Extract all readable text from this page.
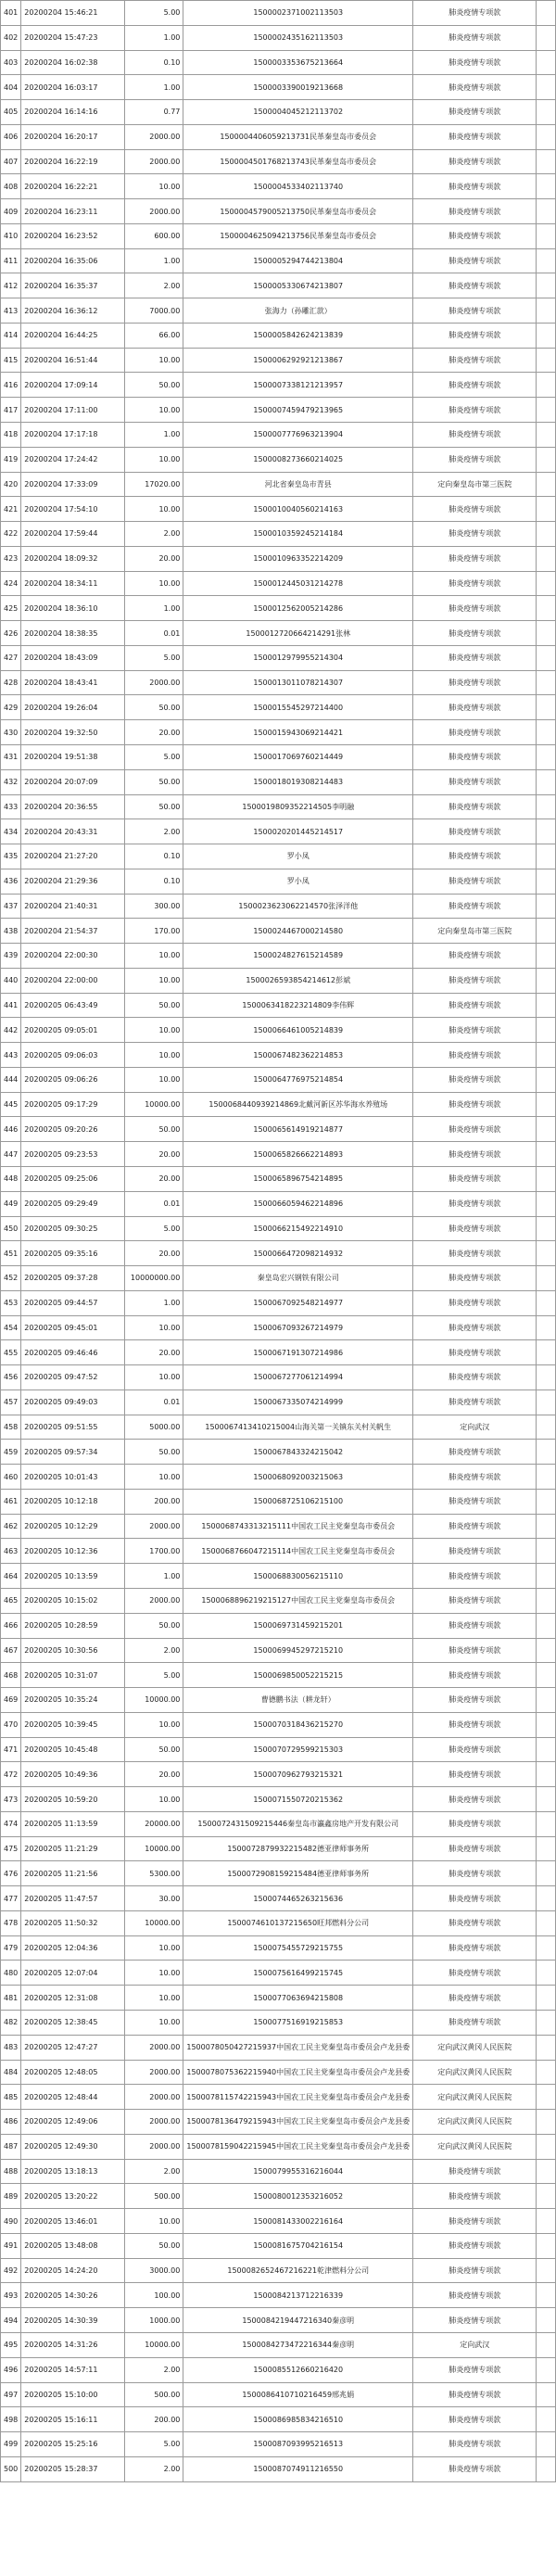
401	20200204 15:46:21	5.00	1500002371002113503	肺炎疫情专项款	
402	20200204 15:47:23	1.00	1500002435162113503	肺炎疫情专项款	
403	20200204 16:02:38	0.10	1500003353675213664	肺炎疫情专项款	
404	20200204 16:03:17	1.00	1500003390019213668	肺炎疫情专项款	
405	20200204 16:14:16	0.77	1500004045212113702	肺炎疫情专项款	
406	20200204 16:20:17	2000.00	1500004406059213731民革秦皇岛市委员会	肺炎疫情专项款	
407	20200204 16:22:19	2000.00	1500004501768213743民革秦皇岛市委员会	肺炎疫情专项款	
408	20200204 16:22:21	10.00	1500004533402113740	肺炎疫情专项款	
409	20200204 16:23:11	2000.00	1500004579005213750民革秦皇岛市委员会	肺炎疫情专项款	
410	20200204 16:23:52	600.00	1500004625094213756民革秦皇岛市委员会	肺炎疫情专项款	
411	20200204 16:35:06	1.00	1500005294744213804	肺炎疫情专项款	
412	20200204 16:35:37	2.00	1500005330674213807	肺炎疫情专项款	
413	20200204 16:36:12	7000.00	张海力（孙雕汇款）	肺炎疫情专项款	
414	20200204 16:44:25	66.00	1500005842624213839	肺炎疫情专项款	
415	20200204 16:51:44	10.00	1500006292921213867	肺炎疫情专项款	
416	20200204 17:09:14	50.00	1500007338121213957	肺炎疫情专项款	
417	20200204 17:11:00	10.00	1500007459479213965	肺炎疫情专项款	
418	20200204 17:17:18	1.00	1500007776963213904	肺炎疫情专项款	
419	20200204 17:24:42	10.00	1500008273660214025	肺炎疫情专项款	
420	20200204 17:33:09	17020.00	河北省秦皇岛市青县	定向秦皇岛市第三医院	
421	20200204 17:54:10	10.00	1500010040560214163	肺炎疫情专项款	
422	20200204 17:59:44	2.00	1500010359245214184	肺炎疫情专项款	
423	20200204 18:09:32	20.00	1500010963352214209	肺炎疫情专项款	
424	20200204 18:34:11	10.00	1500012445031214278	肺炎疫情专项款	
425	20200204 18:36:10	1.00	1500012562005214286	肺炎疫情专项款	
426	20200204 18:38:35	0.01	1500012720664214291张林	肺炎疫情专项款	
427	20200204 18:43:09	5.00	1500012979955214304	肺炎疫情专项款	
428	20200204 18:43:41	2000.00	1500013011078214307	肺炎疫情专项款	
429	20200204 19:26:04	50.00	1500015545297214400	肺炎疫情专项款	
430	20200204 19:32:50	20.00	1500015943069214421	肺炎疫情专项款	
431	20200204 19:51:38	5.00	1500017069760214449	肺炎疫情专项款	
432	20200204 20:07:09	50.00	1500018019308214483	肺炎疫情专项款	
433	20200204 20:36:55	50.00	1500019809352214505李明融	肺炎疫情专项款	
434	20200204 20:43:31	2.00	1500020201445214517	肺炎疫情专项款	
435	20200204 21:27:20	0.10	罗小凤	肺炎疫情专项款	
436	20200204 21:29:36	0.10	罗小凤	肺炎疫情专项款	
437	20200204 21:40:31	300.00	1500023623062214570张泽洋他	肺炎疫情专项款	
438	20200204 21:54:37	170.00	1500024467000214580	定向秦皇岛市第三医院	
439	20200204 22:00:30	10.00	1500024827615214589	肺炎疫情专项款	
440	20200204 22:00:00	10.00	1500026593854214612彭斌	肺炎疫情专项款	
441	20200205 06:43:49	50.00	1500063418223214809李伟辉	肺炎疫情专项款	
442	20200205 09:05:01	10.00	1500066461005214839	肺炎疫情专项款	
443	20200205 09:06:03	10.00	1500067482362214853	肺炎疫情专项款	
444	20200205 09:06:26	10.00	1500064776975214854	肺炎疫情专项款	
445	20200205 09:17:29	10000.00	1500068440939214869北戴河新区苏华海水养殖场	肺炎疫情专项款	
446	20200205 09:20:26	50.00	1500065614919214877	肺炎疫情专项款	
447	20200205 09:23:53	20.00	1500065826662214893	肺炎疫情专项款	
448	20200205 09:25:06	20.00	1500065896754214895	肺炎疫情专项款	
449	20200205 09:29:49	0.01	1500066059462214896	肺炎疫情专项款	
450	20200205 09:30:25	5.00	1500066215492214910	肺炎疫情专项款	
451	20200205 09:35:16	20.00	1500066472098214932	肺炎疫情专项款	
452	20200205 09:37:28	10000000.00	秦皇岛宏兴钢铁有限公司	肺炎疫情专项款	
453	20200205 09:44:57	1.00	1500067092548214977	肺炎疫情专项款	
454	20200205 09:45:01	10.00	1500067093267214979	肺炎疫情专项款	
455	20200205 09:46:46	20.00	1500067191307214986	肺炎疫情专项款	
456	20200205 09:47:52	10.00	1500067277061214994	肺炎疫情专项款	
457	20200205 09:49:03	0.01	1500067335074214999	肺炎疫情专项款	
458	20200205 09:51:55	5000.00	1500067413410215004山海关第一关镇东关村关帆生	定向武汉	
459	20200205 09:57:34	50.00	1500067843324215042	肺炎疫情专项款	
460	20200205 10:01:43	10.00	1500068092003215063	肺炎疫情专项款	
461	20200205 10:12:18	200.00	1500068725106215100	肺炎疫情专项款	
462	20200205 10:12:29	2000.00	1500068743313215111中国农工民主党秦皇岛市委员会	肺炎疫情专项款	
463	20200205 10:12:36	1700.00	1500068766047215114中国农工民主党秦皇岛市委员会	肺炎疫情专项款	
464	20200205 10:13:59	1.00	1500068830056215110	肺炎疫情专项款	
465	20200205 10:15:02	2000.00	1500068896219215127中国农工民主党秦皇岛市委员会	肺炎疫情专项款	
466	20200205 10:28:59	50.00	1500069731459215201	肺炎疫情专项款	
467	20200205 10:30:56	2.00	1500069945297215210	肺炎疫情专项款	
468	20200205 10:31:07	5.00	1500069850052215215	肺炎疫情专项款	
469	20200205 10:35:24	10000.00	曹德鹏书法（耕龙轩）	肺炎疫情专项款	
470	20200205 10:39:45	10.00	1500070318436215270	肺炎疫情专项款	
471	20200205 10:45:48	50.00	1500070729599215303	肺炎疫情专项款	
472	20200205 10:49:36	20.00	1500070962793215321	肺炎疫情专项款	
473	20200205 10:59:20	10.00	1500071550720215362	肺炎疫情专项款	
474	20200205 11:13:59	20000.00	1500072431509215446秦皇岛市瀛鑫房地产开发有限公司	肺炎疫情专项款	
475	20200205 11:21:29	10000.00	1500072879932215482德亚律师事务所	肺炎疫情专项款	
476	20200205 11:21:56	5300.00	1500072908159215484德亚律师事务所	肺炎疫情专项款	
477	20200205 11:47:57	30.00	1500074465263215636	肺炎疫情专项款	
478	20200205 11:50:32	10000.00	1500074610137215650旺邦燃料分公司	肺炎疫情专项款	
479	20200205 12:04:36	10.00	1500075455729215755	肺炎疫情专项款	
480	20200205 12:07:04	10.00	1500075616499215745	肺炎疫情专项款	
481	20200205 12:31:08	10.00	1500077063694215808	肺炎疫情专项款	
482	20200205 12:38:45	10.00	1500077516919215853	肺炎疫情专项款	
483	20200205 12:47:27	2000.00	1500078050427215937中国农工民主党秦皇岛市委员会卢龙县委	定向武汉黄冈人民医院	
484	20200205 12:48:05	2000.00	1500078075362215940中国农工民主党秦皇岛市委员会卢龙县委	定向武汉黄冈人民医院	
485	20200205 12:48:44	2000.00	1500078115742215943中国农工民主党秦皇岛市委员会卢龙县委	定向武汉黄冈人民医院	
486	20200205 12:49:06	2000.00	1500078136479215943中国农工民主党秦皇岛市委员会卢龙县委	定向武汉黄冈人民医院	
487	20200205 12:49:30	2000.00	1500078159042215945中国农工民主党秦皇岛市委员会卢龙县委	定向武汉黄冈人民医院	
488	20200205 13:18:13	2.00	1500079955316216044	肺炎疫情专项款	
489	20200205 13:20:22	500.00	1500080012353216052	肺炎疫情专项款	
490	20200205 13:46:01	10.00	1500081433002216164	肺炎疫情专项款	
491	20200205 13:48:08	50.00	1500081675704216154	肺炎疫情专项款	
492	20200205 14:24:20	3000.00	1500082652467216221乾津燃料分公司	肺炎疫情专项款	
493	20200205 14:30:26	100.00	1500084213712216339	肺炎疫情专项款	
494	20200205 14:30:39	1000.00	1500084219447216340秦彦明	肺炎疫情专项款	
495	20200205 14:31:26	10000.00	1500084273472216344秦彦明	定向武汉	
496	20200205 14:57:11	2.00	1500085512660216420	肺炎疫情专项款	
497	20200205 15:10:00	500.00	1500086410710216459邢兆娟	肺炎疫情专项款	
498	20200205 15:16:11	200.00	1500086985834216510	肺炎疫情专项款	
499	20200205 15:25:16	5.00	1500087093995216513	肺炎疫情专项款	
500	20200205 15:28:37	2.00	1500087074911216550	肺炎疫情专项款	
